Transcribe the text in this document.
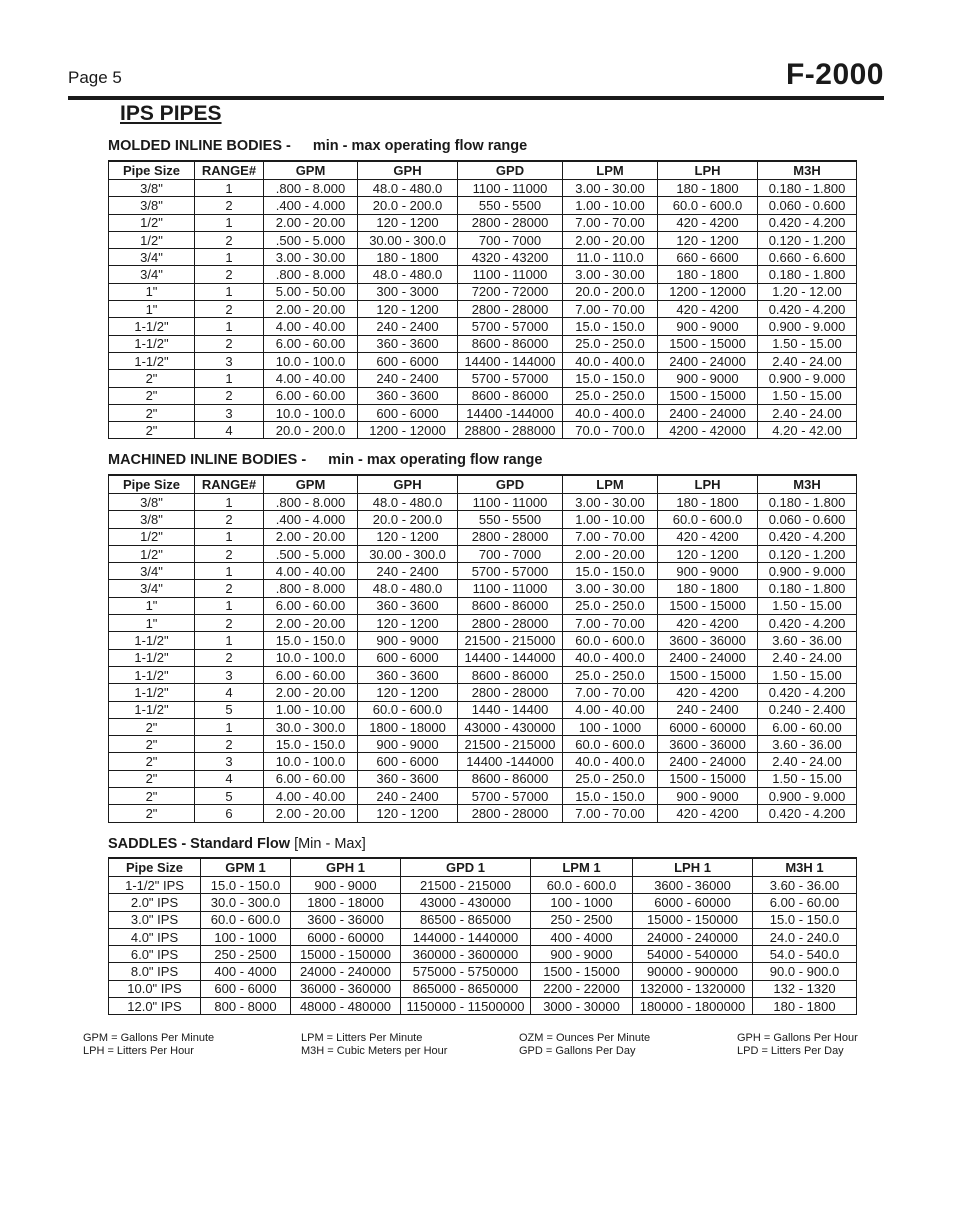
Page 5	F-2000
IPS PIPES
MOLDED INLINE BODIES - min - max operating flow range
Pipe Size	RANGE#	GPM	GPH	GPD	LPM	LPH	M3H
3/8"	1	.800 - 8.000	48.0 - 480.0	1100 - 11000	3.00 - 30.00	180 - 1800	0.180 - 1.800
3/8"	2	.400 - 4.000	20.0 - 200.0	550 - 5500	1.00 - 10.00	60.0 - 600.0	0.060 - 0.600
1/2"	1	2.00 - 20.00	120 - 1200	2800 - 28000	7.00 - 70.00	420 - 4200	0.420 - 4.200
1/2"	2	.500 - 5.000	30.00 - 300.0	700 - 7000	2.00 - 20.00	120 - 1200	0.120 - 1.200
3/4"	1	3.00 - 30.00	180 - 1800	4320 - 43200	11.0 - 110.0	660 - 6600	0.660 - 6.600
3/4"	2	.800 - 8.000	48.0 - 480.0	1100 - 11000	3.00 - 30.00	180 - 1800	0.180 - 1.800
1"	1	5.00 - 50.00	300 - 3000	7200 - 72000	20.0 - 200.0	1200 - 12000	1.20 - 12.00
1"	2	2.00 - 20.00	120 - 1200	2800 - 28000	7.00 - 70.00	420 - 4200	0.420 - 4.200
1-1/2"	1	4.00 - 40.00	240 - 2400	5700 - 57000	15.0 - 150.0	900 - 9000	0.900 - 9.000
1-1/2"	2	6.00 - 60.00	360 - 3600	8600 - 86000	25.0 - 250.0	1500 - 15000	1.50 - 15.00
1-1/2"	3	10.0 - 100.0	600 - 6000	14400 - 144000	40.0 - 400.0	2400 - 24000	2.40 - 24.00
2"	1	4.00 - 40.00	240 - 2400	5700 - 57000	15.0 - 150.0	900 - 9000	0.900 - 9.000
2"	2	6.00 - 60.00	360 - 3600	8600 - 86000	25.0 - 250.0	1500 - 15000	1.50 - 15.00
2"	3	10.0 - 100.0	600 - 6000	14400 -144000	40.0 - 400.0	2400 - 24000	2.40 - 24.00
2"	4	20.0 - 200.0	1200 - 12000	28800 - 288000	70.0 - 700.0	4200 - 42000	4.20 - 42.00
MACHINED INLINE BODIES - min - max operating flow range
Pipe Size	RANGE#	GPM	GPH	GPD	LPM	LPH	M3H
3/8"	1	.800 - 8.000	48.0 - 480.0	1100 - 11000	3.00 - 30.00	180 - 1800	0.180 - 1.800
3/8"	2	.400 - 4.000	20.0 - 200.0	550 - 5500	1.00 - 10.00	60.0 - 600.0	0.060 - 0.600
1/2"	1	2.00 - 20.00	120 - 1200	2800 - 28000	7.00 - 70.00	420 - 4200	0.420 - 4.200
1/2"	2	.500 - 5.000	30.00 - 300.0	700 - 7000	2.00 - 20.00	120 - 1200	0.120 - 1.200
3/4"	1	4.00 - 40.00	240 - 2400	5700 - 57000	15.0 - 150.0	900 - 9000	0.900 - 9.000
3/4"	2	.800 - 8.000	48.0 - 480.0	1100 - 11000	3.00 - 30.00	180 - 1800	0.180 - 1.800
1"	1	6.00 - 60.00	360 - 3600	8600 - 86000	25.0 - 250.0	1500 - 15000	1.50 - 15.00
1"	2	2.00 - 20.00	120 - 1200	2800 - 28000	7.00 - 70.00	420 - 4200	0.420 - 4.200
1-1/2"	1	15.0 - 150.0	900 - 9000	21500 - 215000	60.0 - 600.0	3600 - 36000	3.60 - 36.00
1-1/2"	2	10.0 - 100.0	600 - 6000	14400 - 144000	40.0 - 400.0	2400 - 24000	2.40 - 24.00
1-1/2"	3	6.00 - 60.00	360 - 3600	8600 - 86000	25.0 - 250.0	1500 - 15000	1.50 - 15.00
1-1/2"	4	2.00 - 20.00	120 - 1200	2800 - 28000	7.00 - 70.00	420 - 4200	0.420 - 4.200
1-1/2"	5	1.00 - 10.00	60.0 - 600.0	1440 - 14400	4.00 - 40.00	240 - 2400	0.240 - 2.400
2"	1	30.0 - 300.0	1800 - 18000	43000 - 430000	100 - 1000	6000 - 60000	6.00 - 60.00
2"	2	15.0 - 150.0	900 - 9000	21500 - 215000	60.0 - 600.0	3600 - 36000	3.60 - 36.00
2"	3	10.0 - 100.0	600 - 6000	14400 -144000	40.0 - 400.0	2400 - 24000	2.40 - 24.00
2"	4	6.00 - 60.00	360 - 3600	8600 - 86000	25.0 - 250.0	1500 - 15000	1.50 - 15.00
2"	5	4.00 - 40.00	240 - 2400	5700 - 57000	15.0 - 150.0	900 - 9000	0.900 - 9.000
2"	6	2.00 - 20.00	120 - 1200	2800 - 28000	7.00 - 70.00	420 - 4200	0.420 - 4.200
SADDLES - Standard Flow [Min - Max]
Pipe Size	GPM 1	GPH 1	GPD 1	LPM 1	LPH 1	M3H 1
1-1/2" IPS	15.0 - 150.0	900 - 9000	21500 - 215000	60.0 - 600.0	3600 - 36000	3.60 - 36.00
2.0" IPS	30.0 - 300.0	1800 - 18000	43000 - 430000	100 - 1000	6000 - 60000	6.00 - 60.00
3.0" IPS	60.0 - 600.0	3600 - 36000	86500 - 865000	250 - 2500	15000 - 150000	15.0 - 150.0
4.0" IPS	100 - 1000	6000 - 60000	144000 - 1440000	400 - 4000	24000 - 240000	24.0 - 240.0
6.0" IPS	250 - 2500	15000 - 150000	360000 - 3600000	900 - 9000	54000 - 540000	54.0 - 540.0
8.0" IPS	400 - 4000	24000 - 240000	575000 - 5750000	1500 - 15000	90000 - 900000	90.0 - 900.0
10.0" IPS	600 - 6000	36000 - 360000	865000 - 8650000	2200 - 22000	132000 - 1320000	132 - 1320
12.0" IPS	800 - 8000	48000 - 480000	1150000 - 11500000	3000 - 30000	180000 - 1800000	180 - 1800
GPM = Gallons Per Minute
LPH = Litters Per Hour
LPM = Litters Per Minute
M3H = Cubic Meters per Hour
OZM = Ounces Per Minute
GPD = Gallons Per Day
GPH = Gallons Per Hour
LPD = Litters Per Day
